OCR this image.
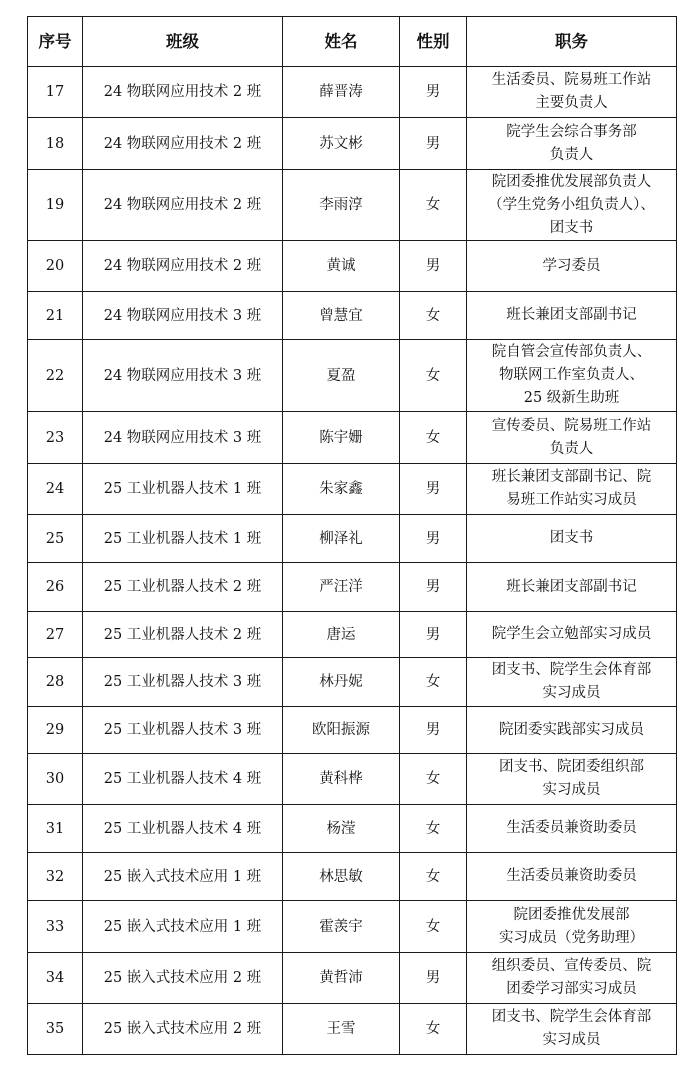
序号	班级	姓名	性别	职务
17	24 物联网应用技术 2 班	薛晋涛	男	生活委员、院易班工作站
主要负责人
18	24 物联网应用技术 2 班	苏文彬	男	院学生会综合事务部
负责人
19	24 物联网应用技术 2 班	李雨淳	女	院团委推优发展部负责人
（学生党务小组负责人）、
团支书
20	24 物联网应用技术 2 班	黄诚	男	学习委员
21	24 物联网应用技术 3 班	曾慧宜	女	班长兼团支部副书记
22	24 物联网应用技术 3 班	夏盈	女	院自管会宣传部负责人、
物联网工作室负责人、
25 级新生助班
23	24 物联网应用技术 3 班	陈宇姗	女	宣传委员、院易班工作站
负责人
24	25 工业机器人技术 1 班	朱家鑫	男	班长兼团支部副书记、院
易班工作站实习成员
25	25 工业机器人技术 1 班	柳泽礼	男	团支书
26	25 工业机器人技术 2 班	严汪洋	男	班长兼团支部副书记
27	25 工业机器人技术 2 班	唐运	男	院学生会立勉部实习成员
28	25 工业机器人技术 3 班	林丹妮	女	团支书、院学生会体育部
实习成员
29	25 工业机器人技术 3 班	欧阳振源	男	院团委实践部实习成员
30	25 工业机器人技术 4 班	黄科桦	女	团支书、院团委组织部
实习成员
31	25 工业机器人技术 4 班	杨滢	女	生活委员兼资助委员
32	25 嵌入式技术应用 1 班	林思敏	女	生活委员兼资助委员
33	25 嵌入式技术应用 1 班	霍羡宇	女	院团委推优发展部
实习成员（党务助理）
34	25 嵌入式技术应用 2 班	黄哲沛	男	组织委员、宣传委员、院
团委学习部实习成员
35	25 嵌入式技术应用 2 班	王雪	女	团支书、院学生会体育部
实习成员
